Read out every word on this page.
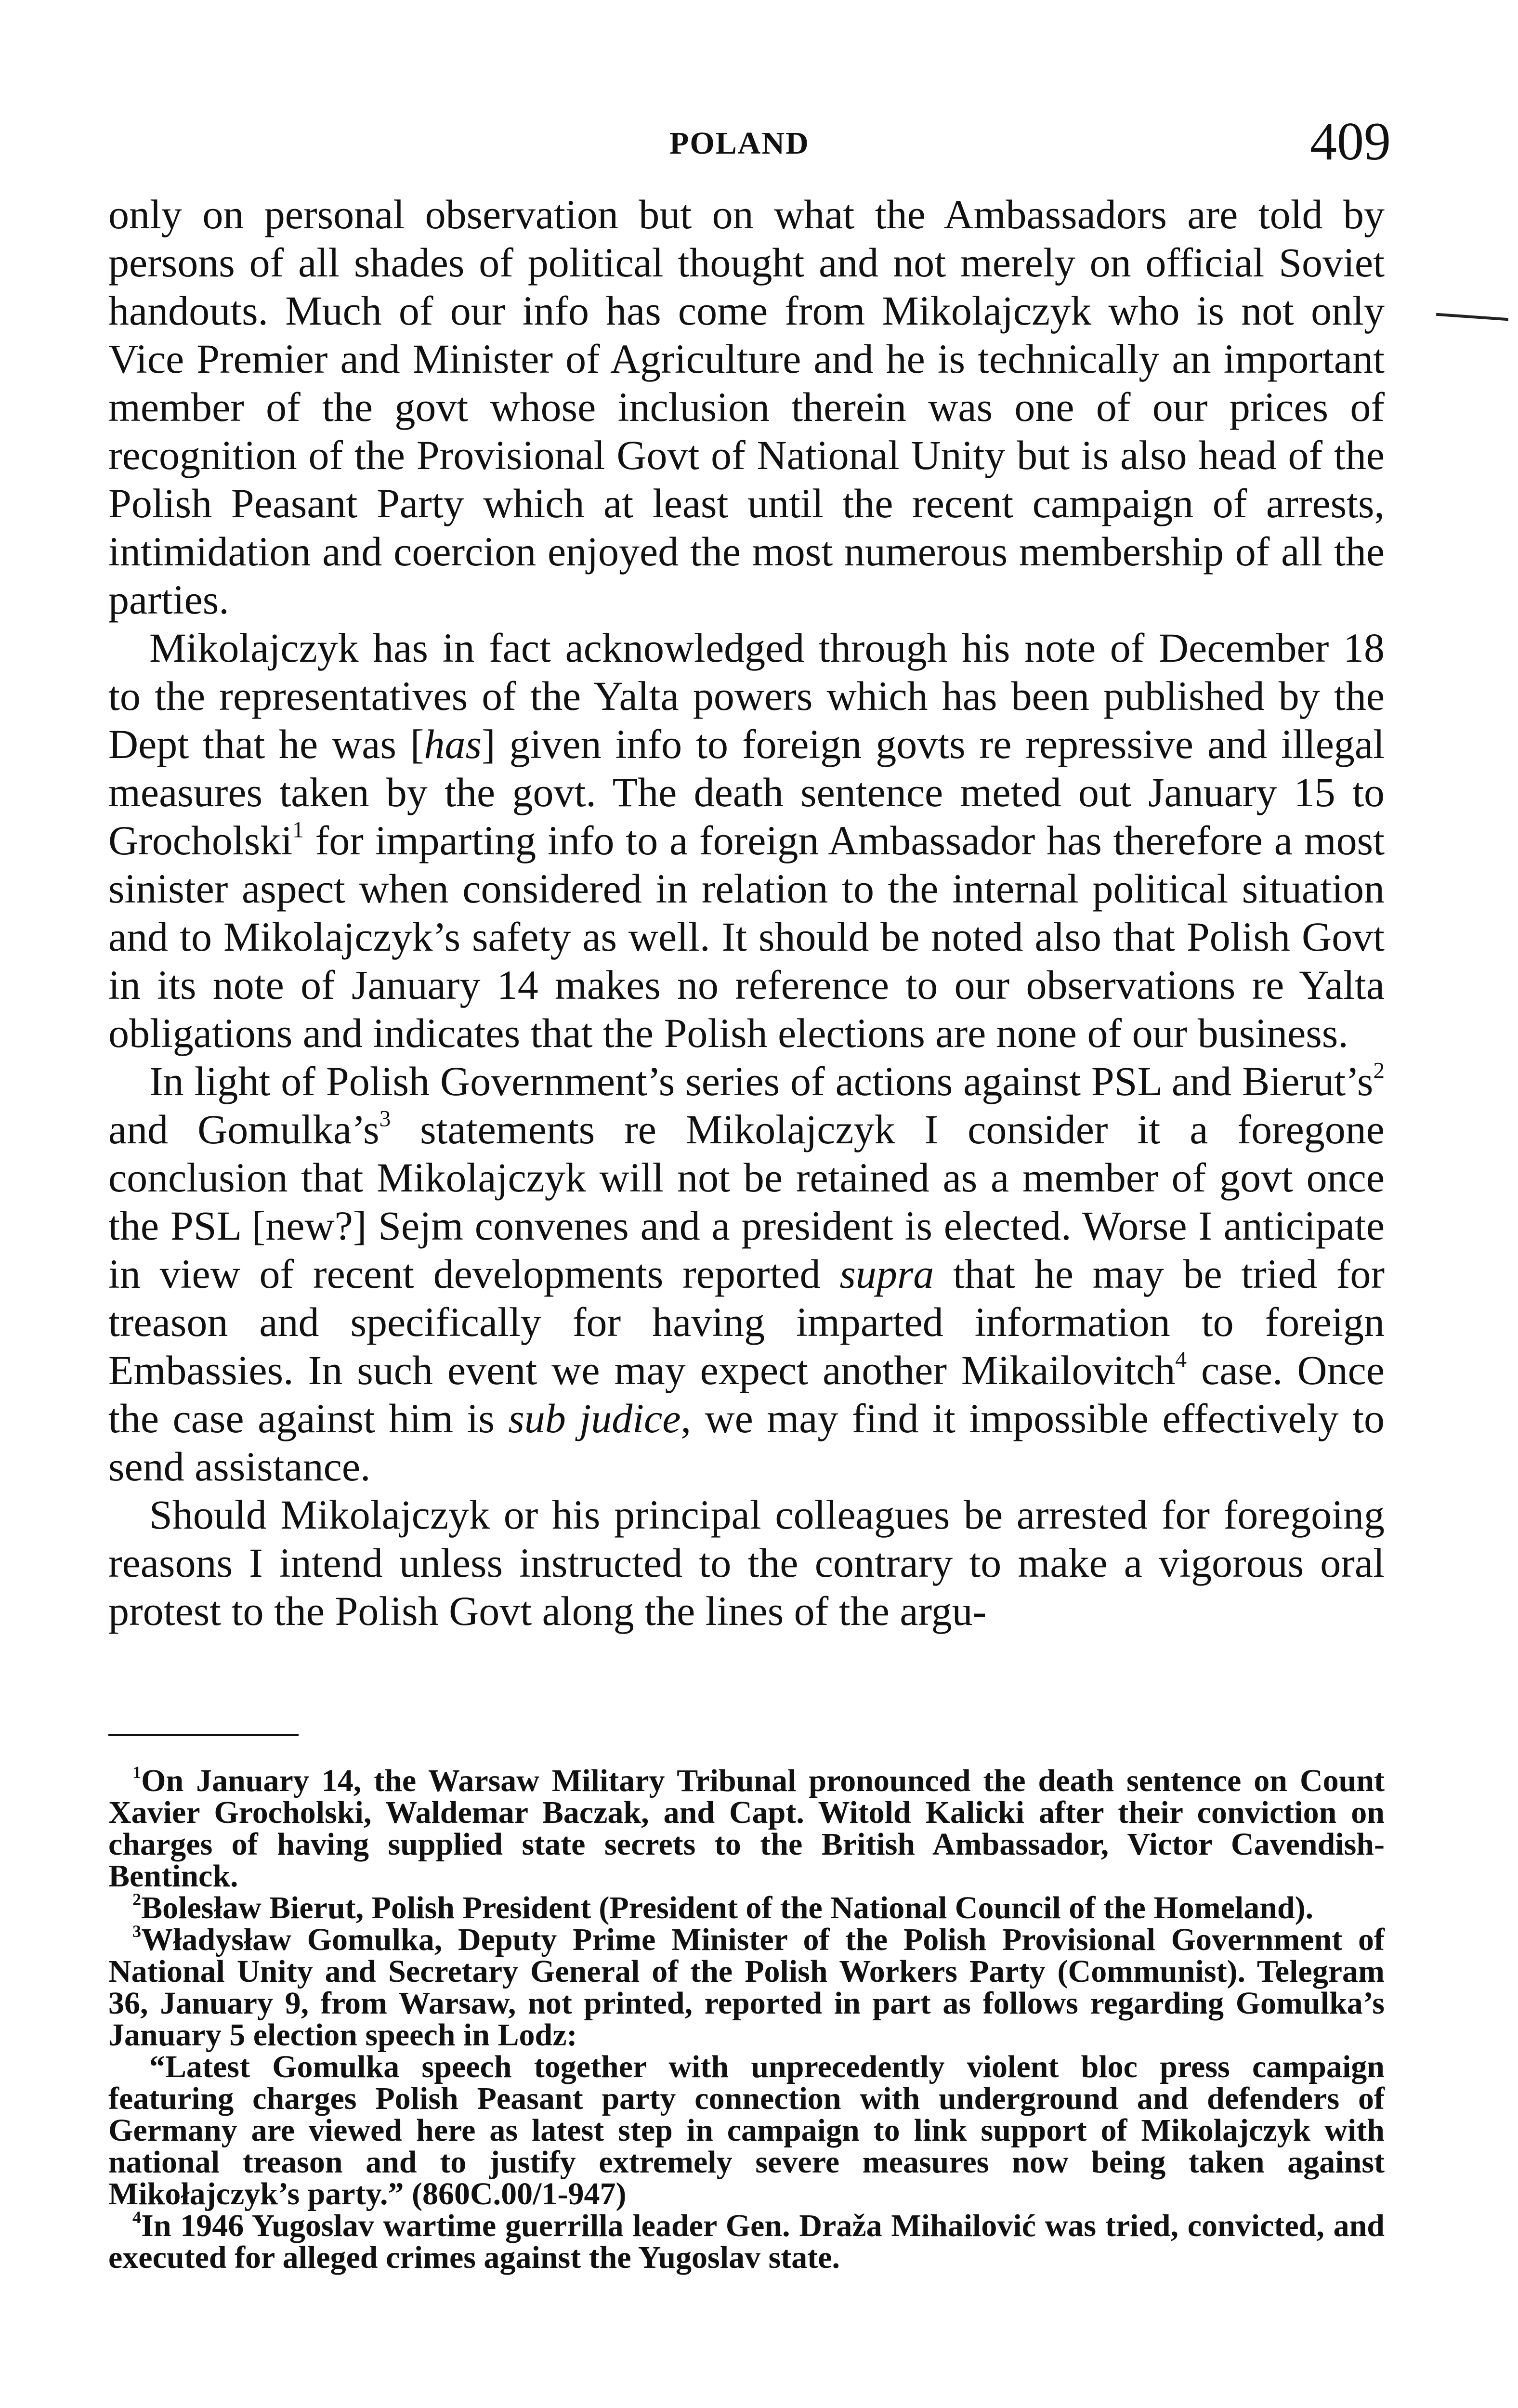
POLAND	409

only on personal observation but on what the Ambassadors are told by persons of all shades of political thought and not merely on official Soviet handouts. Much of our info has come from Mikolajczyk who is not only Vice Premier and Minister of Agriculture and he is technically an important member of the govt whose inclusion therein was one of our prices of recognition of the Provisional Govt of National Unity but is also head of the Polish Peasant Party which at least until the recent campaign of arrests, intimidation and coercion enjoyed the most numerous membership of all the parties.

Mikolajczyk has in fact acknowledged through his note of December 18 to the representatives of the Yalta powers which has been published by the Dept that he was [has] given info to foreign govts re repressive and illegal measures taken by the govt. The death sentence meted out January 15 to Grocholski$^1$ for imparting info to a foreign Ambassador has therefore a most sinister aspect when considered in relation to the internal political situation and to Mikolajczyk’s safety as well. It should be noted also that Polish Govt in its note of January 14 makes no reference to our observations re Yalta obligations and indicates that the Polish elections are none of our business.

In light of Polish Government’s series of actions against PSL and $Bierut’s^2$ and $Gomulka’s^3$ statements re Mikolajczyk I consider it a foregone conclusion that Mikolajczyk will not be retained as a member of govt once the PSL [new?] Sejm convenes and a president is elected. Worse I anticipate in view of recent developments reported supra that he may be tried for treason and specifically for having imparted information to foreign Embassies. In such event we may expect another Mikailovitch$^4$ case. Once the case against him is sub judice, we may find it impossible effectively to send assistance.

Should Mikolajczyk or his principal colleagues be arrested for foregoing reasons I intend unless instructed to the contrary to make a vigorous oral protest to the Polish Govt along the lines of the argu-

$^1$On January 14, the Warsaw Military Tribunal pronounced the death sentence on Count Xavier Grocholski, Waldemar Baczak, and Capt. Witold Kalicki after their conviction on charges of having supplied state secrets to the British Ambassador, Victor Cavendish-Bentinck.

$^2$Bolesław Bierut, Polish President (President of the National Council of the Homeland).

$^3$Władysław Gomulka, Deputy Prime Minister of the Polish Provisional Government of National Unity and Secretary General of the Polish Workers Party (Communist). Telegram 36, January 9, from Warsaw, not printed, reported in part as follows regarding Gomulka’s January 5 election speech in Lodz:

“Latest Gomulka speech together with unprecedently violent bloc press campaign featuring charges Polish Peasant party connection with underground and defenders of Germany are viewed here as latest step in campaign to link support of Mikolajczyk with national treason and to justify extremely severe measures now being taken against Mikołajczyk’s party.” (860C.00/1-947)

$^4$In 1946 Yugoslav wartime guerrilla leader Gen. Draža Mihailović was tried, convicted, and executed for alleged crimes against the Yugoslav state.
